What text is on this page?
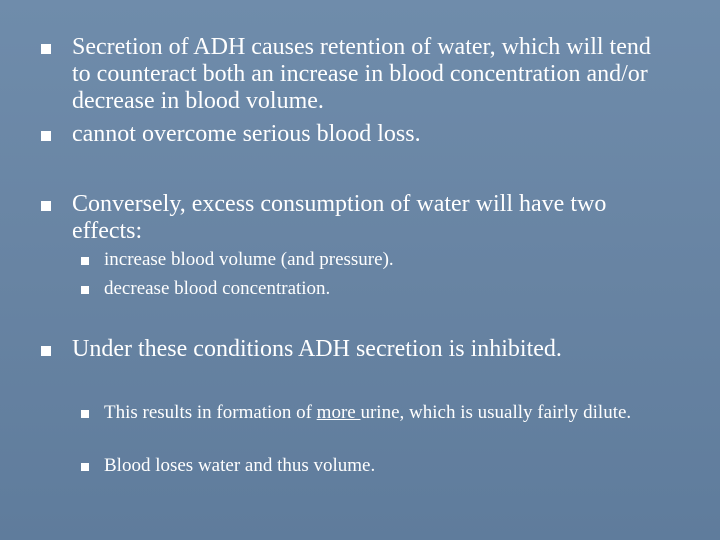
Secretion of ADH causes retention of water, which will tend to counteract both an increase in blood concentration and/or decrease in blood volume.
cannot overcome serious blood loss.
Conversely, excess consumption of water will have two effects:
increase blood volume (and pressure).
decrease blood concentration.
Under these conditions ADH secretion is inhibited.
This results in formation of more urine, which is usually fairly dilute.
Blood loses water and thus volume.
